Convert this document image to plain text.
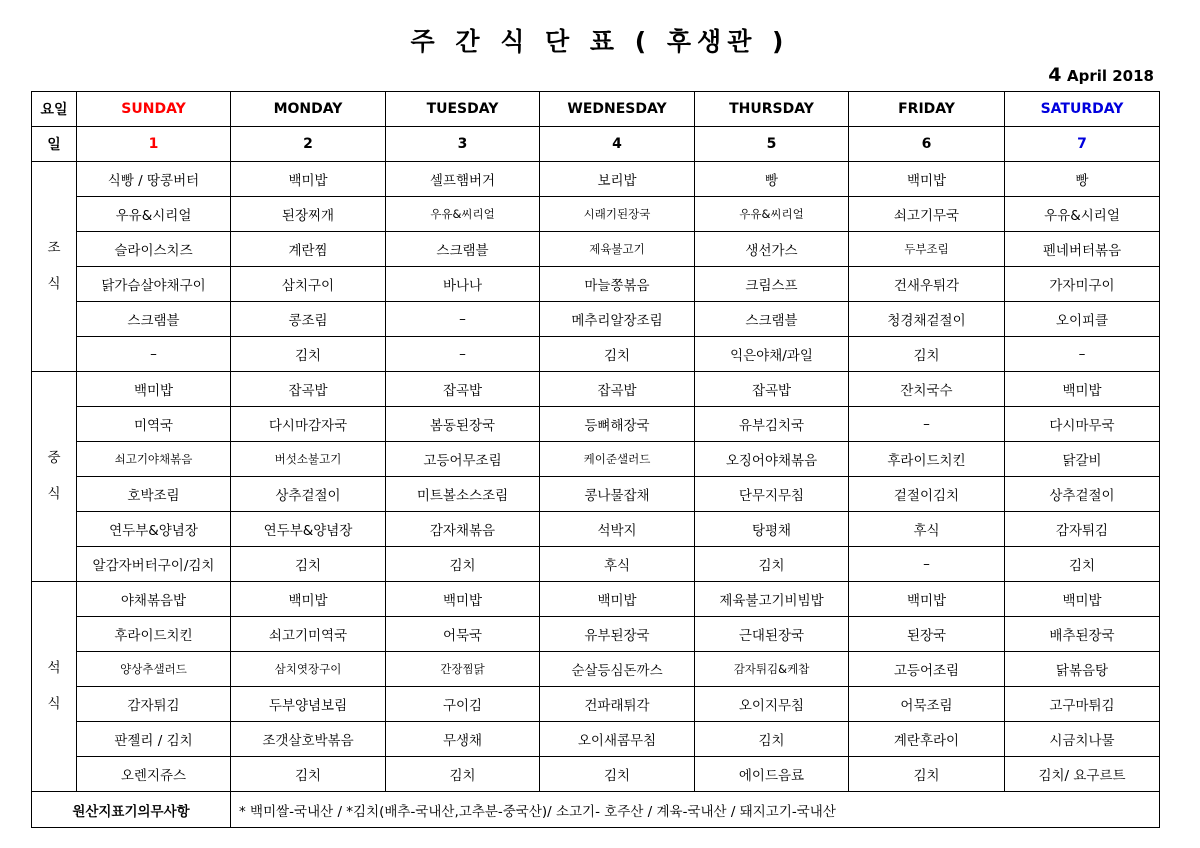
주 간 식 단 표 ( 후생관 )
4 April 2018
요일	SUNDAY	MONDAY	TUESDAY	WEDNESDAY	THURSDAY	FRIDAY	SATURDAY
일	1	2	3	4	5	6	7

조
식	식빵 / 땅콩버터	백미밥	셀프햄버거	보리밥	빵	백미밥	빵
	우유&시리얼	된장찌개	우유&씨리얼	시래기된장국	우유&씨리얼	쇠고기무국	우유&시리얼
	슬라이스치즈	계란찜	스크램블	제육불고기	생선가스	두부조림	펜네버터볶음
	닭가슴살야채구이	삼치구이	바나나	마늘쫑볶음	크림스프	건새우튀각	가자미구이
	스크램블	콩조림	–	메추리알장조림	스크램블	청경채겉절이	오이피클
	–	김치	–	김치	익은야채/과일	김치	–

중
식	백미밥	잡곡밥	잡곡밥	잡곡밥	잡곡밥	잔치국수	백미밥
	미역국	다시마감자국	봄동된장국	등뼈해장국	유부김치국	–	다시마무국
	쇠고기야채볶음	버섯소불고기	고등어무조림	케이준샐러드	오징어야채볶음	후라이드치킨	닭갈비
	호박조림	상추겉절이	미트볼소스조림	콩나물잡채	단무지무침	겉절이김치	상추겉절이
	연두부&양념장	연두부&양념장	감자채볶음	석박지	탕평채	후식	감자튀김
	알감자버터구이/김치	김치	김치	후식	김치	–	김치

석
식	야채볶음밥	백미밥	백미밥	백미밥	제육불고기비빔밥	백미밥	백미밥
	후라이드치킨	쇠고기미역국	어묵국	유부된장국	근대된장국	된장국	배추된장국
	양상추샐러드	삼치엿장구이	간장찜닭	순살등심돈까스	감자튀김&케찹	고등어조림	닭볶음탕
	감자튀김	두부양념보림	구이김	건파래튀각	오이지무침	어묵조림	고구마튀김
	판젤리 / 김치	조갯살호박볶음	무생채	오이새콤무침	김치	계란후라이	시금치나물
	오렌지쥬스	김치	김치	김치	에이드음료	김치	김치/ 요구르트
원산지표기의무사항		* 백미쌀-국내산 / *김치(배추-국내산,고추분-중국산)/ 소고기- 호주산 / 계육-국내산 / 돼지고기-국내산					
